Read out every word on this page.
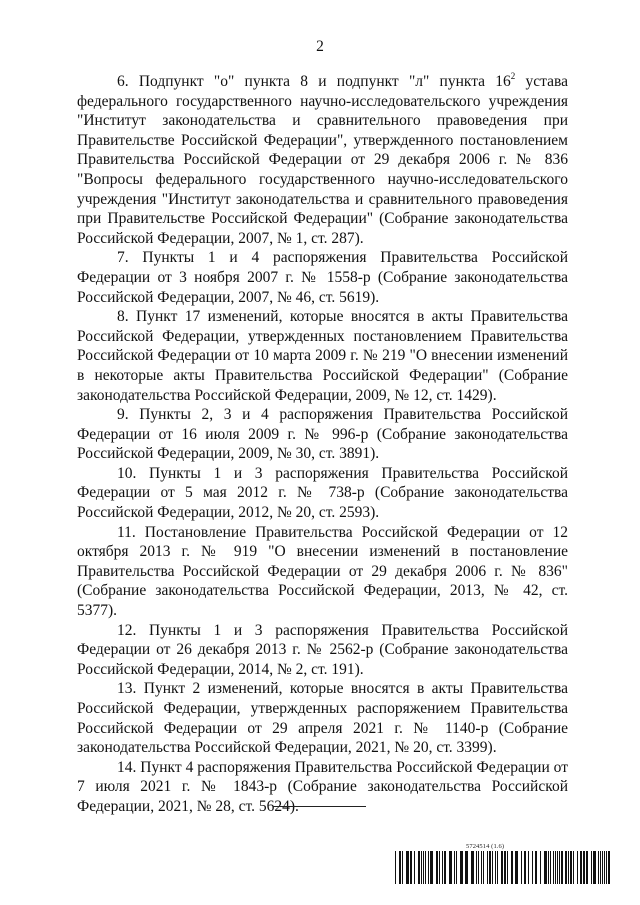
2

6. Подпункт "о" пункта 8 и подпункт "л" пункта $16^2$ устава федерального государственного научно-исследовательского учреждения "Институт законодательства и сравнительного правоведения при Правительстве Российской Федерации", утвержденного постановлением Правительства Российской Федерации от 29 декабря 2006 г. № 836 "Вопросы федерального государственного научно-исследовательского учреждения "Институт законодательства и сравнительного правоведения при Правительстве Российской Федерации" (Собрание законодательства Российской Федерации, 2007, № 1, ст. 287).

7. Пункты 1 и 4 распоряжения Правительства Российской Федерации от 3 ноября 2007 г. № 1558-р (Собрание законодательства Российской Федерации, 2007, № 46, ст. 5619).

8. Пункт 17 изменений, которые вносятся в акты Правительства Российской Федерации, утвержденных постановлением Правительства Российской Федерации от 10 марта 2009 г. № 219 "О внесении изменений в некоторые акты Правительства Российской Федерации" (Собрание законодательства Российской Федерации, 2009, № 12, ст. 1429).

9. Пункты 2, 3 и 4 распоряжения Правительства Российской Федерации от 16 июля 2009 г. № 996-р (Собрание законодательства Российской Федерации, 2009, № 30, ст. 3891).

10. Пункты 1 и 3 распоряжения Правительства Российской Федерации от 5 мая 2012 г. № 738-р (Собрание законодательства Российской Федерации, 2012, № 20, ст. 2593).

11. Постановление Правительства Российской Федерации от 12 октября 2013 г. № 919 "О внесении изменений в постановление Правительства Российской Федерации от 29 декабря 2006 г. № 836" (Собрание законодательства Российской Федерации, 2013, № 42, ст. 5377).

12. Пункты 1 и 3 распоряжения Правительства Российской Федерации от 26 декабря 2013 г. № 2562-р (Собрание законодательства Российской Федерации, 2014, № 2, ст. 191).

13. Пункт 2 изменений, которые вносятся в акты Правительства Российской Федерации, утвержденных распоряжением Правительства Российской Федерации от 29 апреля 2021 г. № 1140-р (Собрание законодательства Российской Федерации, 2021, № 20, ст. 3399).

14. Пункт 4 распоряжения Правительства Российской Федерации от 7 июля 2021 г. № 1843-р (Собрание законодательства Российской Федерации, 2021, № 28, ст. 5624).

5724514 (1.6)
